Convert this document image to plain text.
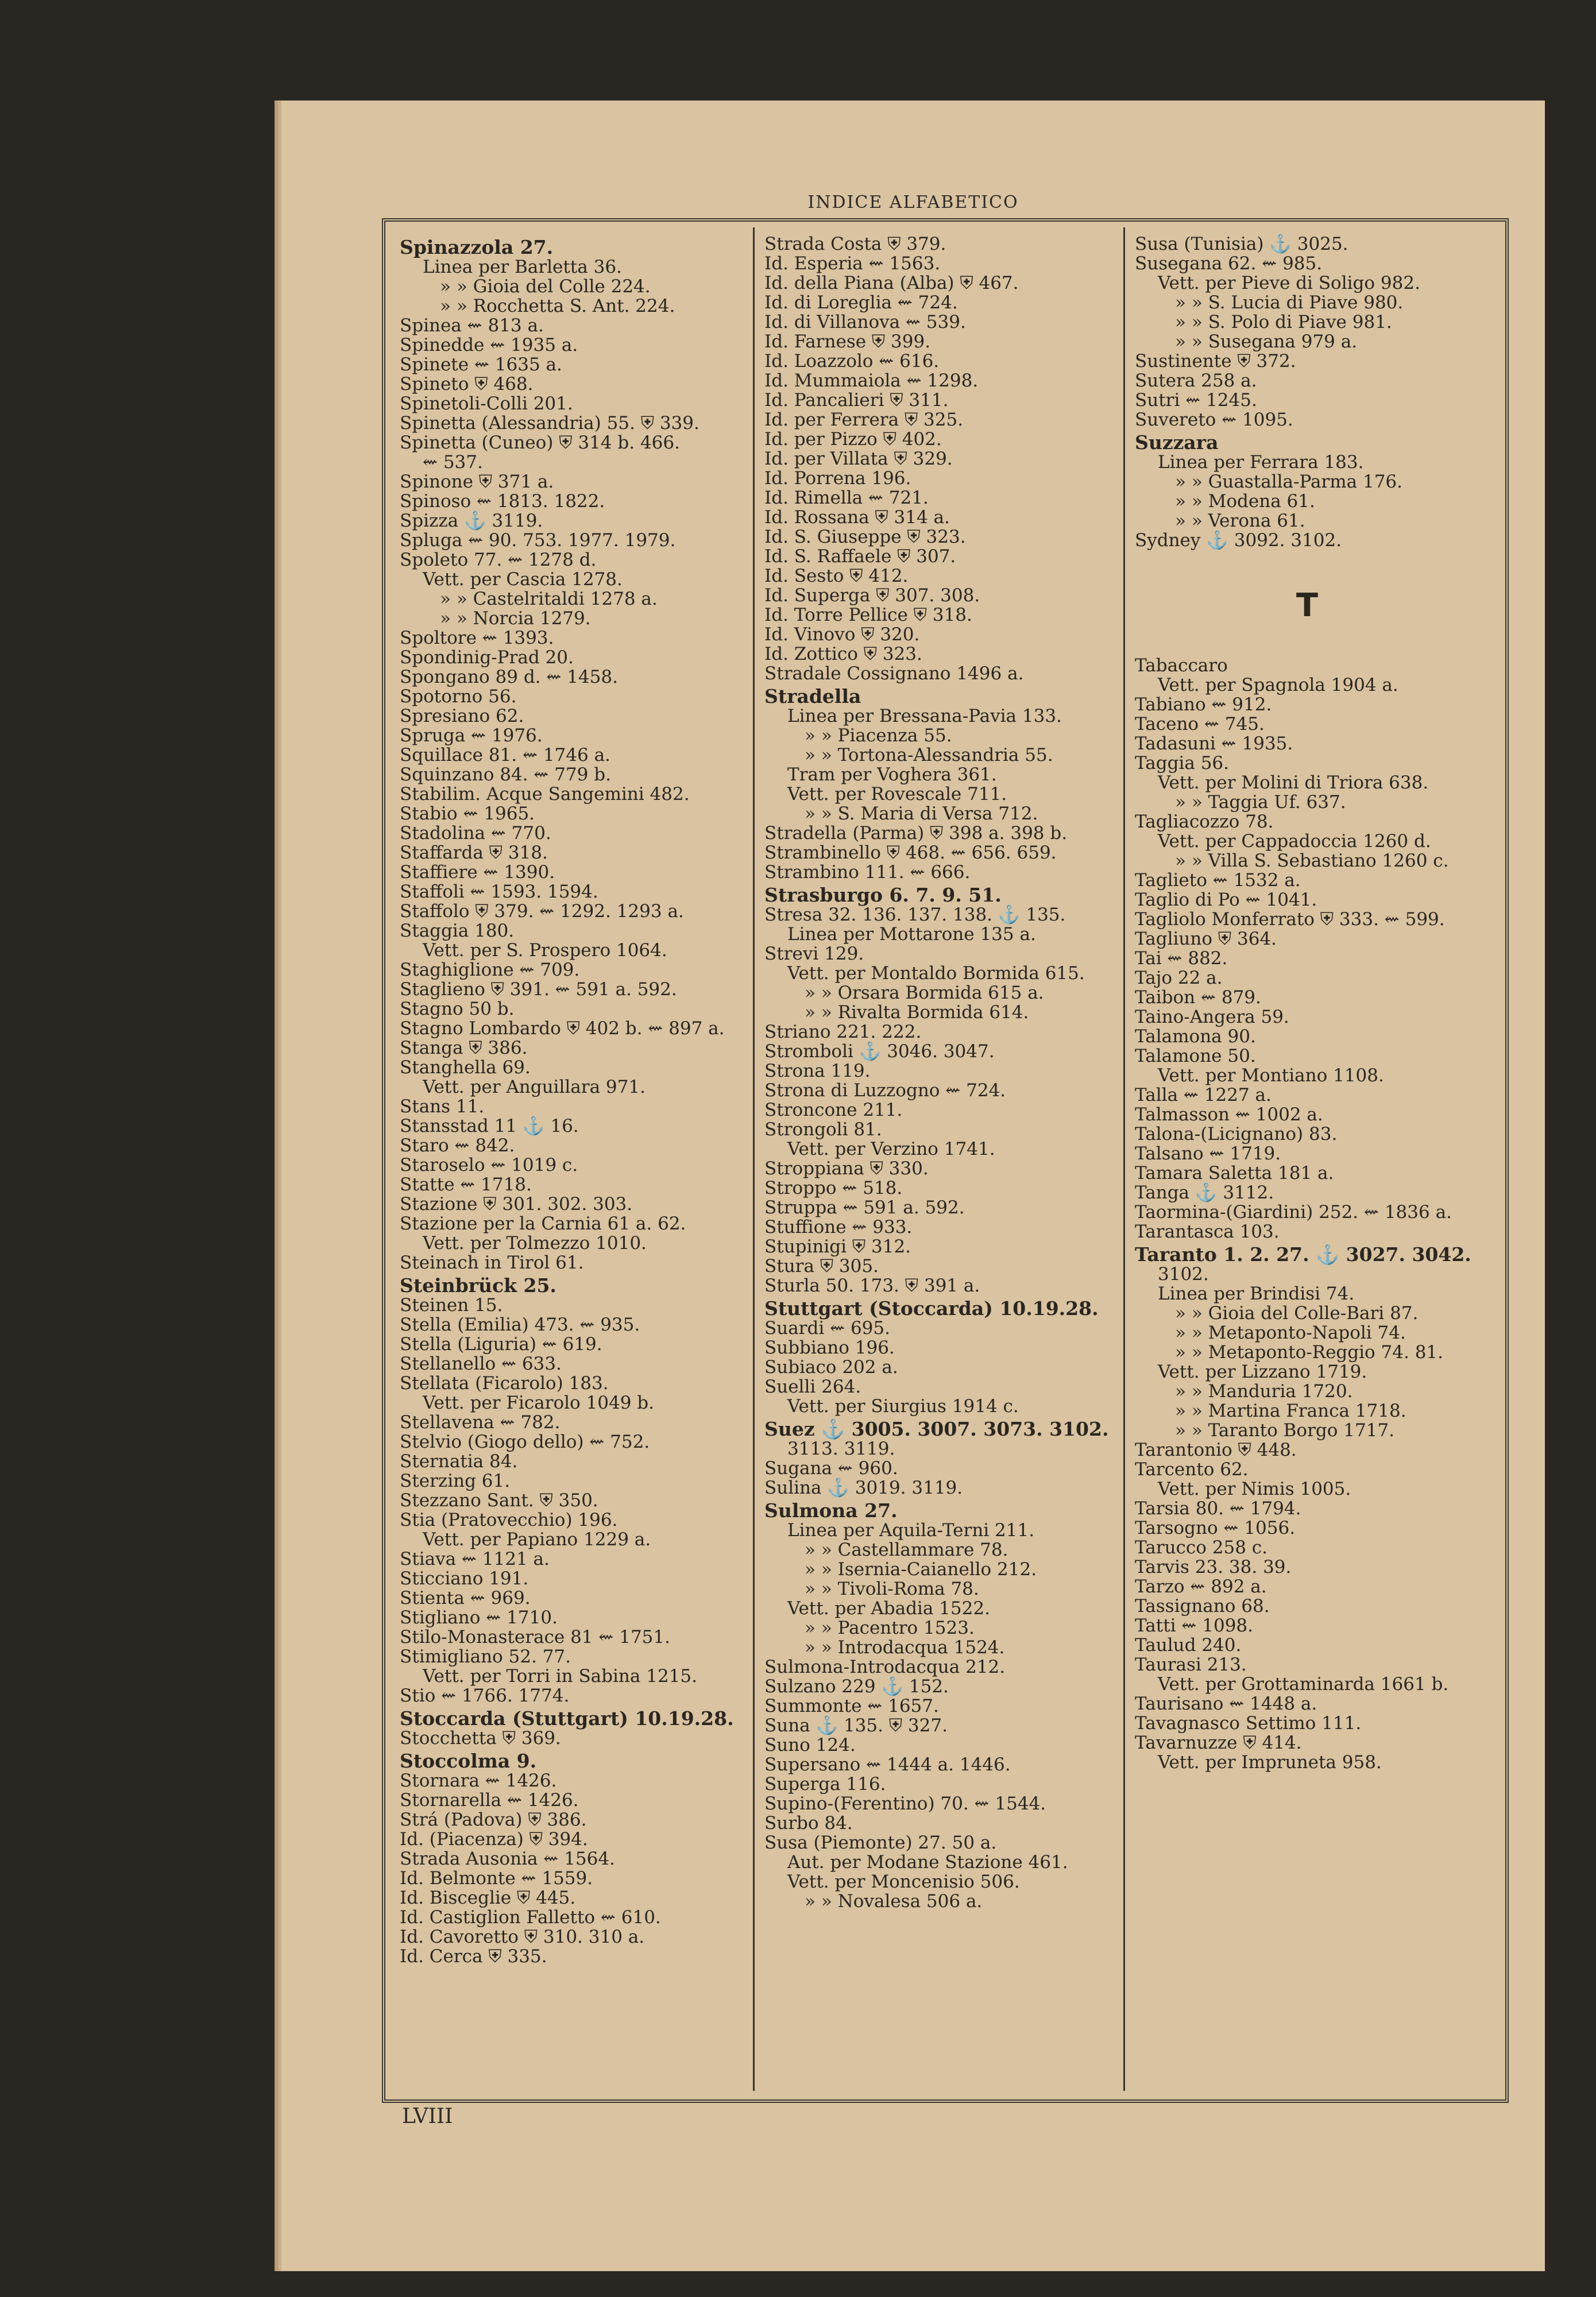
INDICE ALFABETICO
Spinazzola 27.
Linea per Barletta 36.
» » Gioia del Colle 224.
» » Rocchetta S. Ant. 224.
Spinea ⇜ 813 a.
Spinedde ⇜ 1935 a.
Spinete ⇜ 1635 a.
Spineto ⛨ 468.
Spinetoli-Colli 201.
Spinetta (Alessandria) 55. ⛨ 339.
Spinetta (Cuneo) ⛨ 314 b. 466.
⇜ 537.
Spinone ⛨ 371 a.
Spinoso ⇜ 1813. 1822.
Spizza ⚓ 3119.
Spluga ⇜ 90. 753. 1977. 1979.
Spoleto 77. ⇜ 1278 d.
Vett. per Cascia 1278.
» » Castelritaldi 1278 a.
» » Norcia 1279.
Spoltore ⇜ 1393.
Spondinig-Prad 20.
Spongano 89 d. ⇜ 1458.
Spotorno 56.
Spresiano 62.
Spruga ⇜ 1976.
Squillace 81. ⇜ 1746 a.
Squinzano 84. ⇜ 779 b.
Stabilim. Acque Sangemini 482.
Stabio ⇜ 1965.
Stadolina ⇜ 770.
Staffarda ⛨ 318.
Staffiere ⇜ 1390.
Staffoli ⇜ 1593. 1594.
Staffolo ⛨ 379. ⇜ 1292. 1293 a.
Staggia 180.
Vett. per S. Prospero 1064.
Staghiglione ⇜ 709.
Staglieno ⛨ 391. ⇜ 591 a. 592.
Stagno 50 b.
Stagno Lombardo ⛨ 402 b. ⇜ 897 a.
Stanga ⛨ 386.
Stanghella 69.
Vett. per Anguillara 971.
Stans 11.
Stansstad 11 ⚓ 16.
Staro ⇜ 842.
Staroselo ⇜ 1019 c.
Statte ⇜ 1718.
Stazione ⛨ 301. 302. 303.
Stazione per la Carnia 61 a. 62.
Vett. per Tolmezzo 1010.
Steinach in Tirol 61.
Steinbrück 25.
Steinen 15.
Stella (Emilia) 473. ⇜ 935.
Stella (Liguria) ⇜ 619.
Stellanello ⇜ 633.
Stellata (Ficarolo) 183.
Vett. per Ficarolo 1049 b.
Stellavena ⇜ 782.
Stelvio (Giogo dello) ⇜ 752.
Sternatia 84.
Sterzing 61.
Stezzano Sant. ⛨ 350.
Stia (Pratovecchio) 196.
Vett. per Papiano 1229 a.
Stiava ⇜ 1121 a.
Sticciano 191.
Stienta ⇜ 969.
Stigliano ⇜ 1710.
Stilo-Monasterace 81 ⇜ 1751.
Stimigliano 52. 77.
Vett. per Torri in Sabina 1215.
Stio ⇜ 1766. 1774.
Stoccarda (Stuttgart) 10.19.28.
Stocchetta ⛨ 369.
Stoccolma 9.
Stornara ⇜ 1426.
Stornarella ⇜ 1426.
Strá (Padova) ⛨ 386.
Id. (Piacenza) ⛨ 394.
Strada Ausonia ⇜ 1564.
Id. Belmonte ⇜ 1559.
Id. Bisceglie ⛨ 445.
Id. Castiglion Falletto ⇜ 610.
Id. Cavoretto ⛨ 310. 310 a.
Id. Cerca ⛨ 335.
Strada Costa ⛨ 379.
Id. Esperia ⇜ 1563.
Id. della Piana (Alba) ⛨ 467.
Id. di Loreglia ⇜ 724.
Id. di Villanova ⇜ 539.
Id. Farnese ⛨ 399.
Id. Loazzolo ⇜ 616.
Id. Mummaiola ⇜ 1298.
Id. Pancalieri ⛨ 311.
Id. per Ferrera ⛨ 325.
Id. per Pizzo ⛨ 402.
Id. per Villata ⛨ 329.
Id. Porrena 196.
Id. Rimella ⇜ 721.
Id. Rossana ⛨ 314 a.
Id. S. Giuseppe ⛨ 323.
Id. S. Raffaele ⛨ 307.
Id. Sesto ⛨ 412.
Id. Superga ⛨ 307. 308.
Id. Torre Pellice ⛨ 318.
Id. Vinovo ⛨ 320.
Id. Zottico ⛨ 323.
Stradale Cossignano 1496 a.
Stradella
Linea per Bressana-Pavia 133.
» » Piacenza 55.
» » Tortona-Alessandria 55.
Tram per Voghera 361.
Vett. per Rovescale 711.
» » S. Maria di Versa 712.
Stradella (Parma) ⛨ 398 a. 398 b.
Strambinello ⛨ 468. ⇜ 656. 659.
Strambino 111. ⇜ 666.
Strasburgo 6. 7. 9. 51.
Stresa 32. 136. 137. 138. ⚓ 135.
Linea per Mottarone 135 a.
Strevi 129.
Vett. per Montaldo Bormida 615.
» » Orsara Bormida 615 a.
» » Rivalta Bormida 614.
Striano 221. 222.
Stromboli ⚓ 3046. 3047.
Strona 119.
Strona di Luzzogno ⇜ 724.
Stroncone 211.
Strongoli 81.
Vett. per Verzino 1741.
Stroppiana ⛨ 330.
Stroppo ⇜ 518.
Struppa ⇜ 591 a. 592.
Stuffione ⇜ 933.
Stupinigi ⛨ 312.
Stura ⛨ 305.
Sturla 50. 173. ⛨ 391 a.
Stuttgart (Stoccarda) 10.19.28.
Suardi ⇜ 695.
Subbiano 196.
Subiaco 202 a.
Suelli 264.
Vett. per Siurgius 1914 c.
Suez ⚓ 3005. 3007. 3073. 3102.
3113. 3119.
Sugana ⇜ 960.
Sulina ⚓ 3019. 3119.
Sulmona 27.
Linea per Aquila-Terni 211.
» » Castellammare 78.
» » Isernia-Caianello 212.
» » Tivoli-Roma 78.
Vett. per Abadia 1522.
» » Pacentro 1523.
» » Introdacqua 1524.
Sulmona-Introdacqua 212.
Sulzano 229 ⚓ 152.
Summonte ⇜ 1657.
Suna ⚓ 135. ⛨ 327.
Suno 124.
Supersano ⇜ 1444 a. 1446.
Superga 116.
Supino-(Ferentino) 70. ⇜ 1544.
Surbo 84.
Susa (Piemonte) 27. 50 a.
Aut. per Modane Stazione 461.
Vett. per Moncenisio 506.
» » Novalesa 506 a.
Susa (Tunisia) ⚓ 3025.
Susegana 62. ⇜ 985.
Vett. per Pieve di Soligo 982.
» » S. Lucia di Piave 980.
» » S. Polo di Piave 981.
» » Susegana 979 a.
Sustinente ⛨ 372.
Sutera 258 a.
Sutri ⇜ 1245.
Suvereto ⇜ 1095.
Suzzara
Linea per Ferrara 183.
» » Guastalla-Parma 176.
» » Modena 61.
» » Verona 61.
Sydney ⚓ 3092. 3102.
T
Tabaccaro
Vett. per Spagnola 1904 a.
Tabiano ⇜ 912.
Taceno ⇜ 745.
Tadasuni ⇜ 1935.
Taggia 56.
Vett. per Molini di Triora 638.
» » Taggia Uf. 637.
Tagliacozzo 78.
Vett. per Cappadoccia 1260 d.
» » Villa S. Sebastiano 1260 c.
Taglieto ⇜ 1532 a.
Taglio di Po ⇜ 1041.
Tagliolo Monferrato ⛨ 333. ⇜ 599.
Tagliuno ⛨ 364.
Tai ⇜ 882.
Tajo 22 a.
Taibon ⇜ 879.
Taino-Angera 59.
Talamona 90.
Talamone 50.
Vett. per Montiano 1108.
Talla ⇜ 1227 a.
Talmasson ⇜ 1002 a.
Talona-(Licignano) 83.
Talsano ⇜ 1719.
Tamara Saletta 181 a.
Tanga ⚓ 3112.
Taormina-(Giardini) 252. ⇜ 1836 a.
Tarantasca 103.
Taranto 1. 2. 27. ⚓ 3027. 3042.
3102.
Linea per Brindisi 74.
» » Gioia del Colle-Bari 87.
» » Metaponto-Napoli 74.
» » Metaponto-Reggio 74. 81.
Vett. per Lizzano 1719.
» » Manduria 1720.
» » Martina Franca 1718.
» » Taranto Borgo 1717.
Tarantonio ⛨ 448.
Tarcento 62.
Vett. per Nimis 1005.
Tarsia 80. ⇜ 1794.
Tarsogno ⇜ 1056.
Tarucco 258 c.
Tarvis 23. 38. 39.
Tarzo ⇜ 892 a.
Tassignano 68.
Tatti ⇜ 1098.
Taulud 240.
Taurasi 213.
Vett. per Grottaminarda 1661 b.
Taurisano ⇜ 1448 a.
Tavagnasco Settimo 111.
Tavarnuzze ⛨ 414.
Vett. per Impruneta 958.
LVIII
